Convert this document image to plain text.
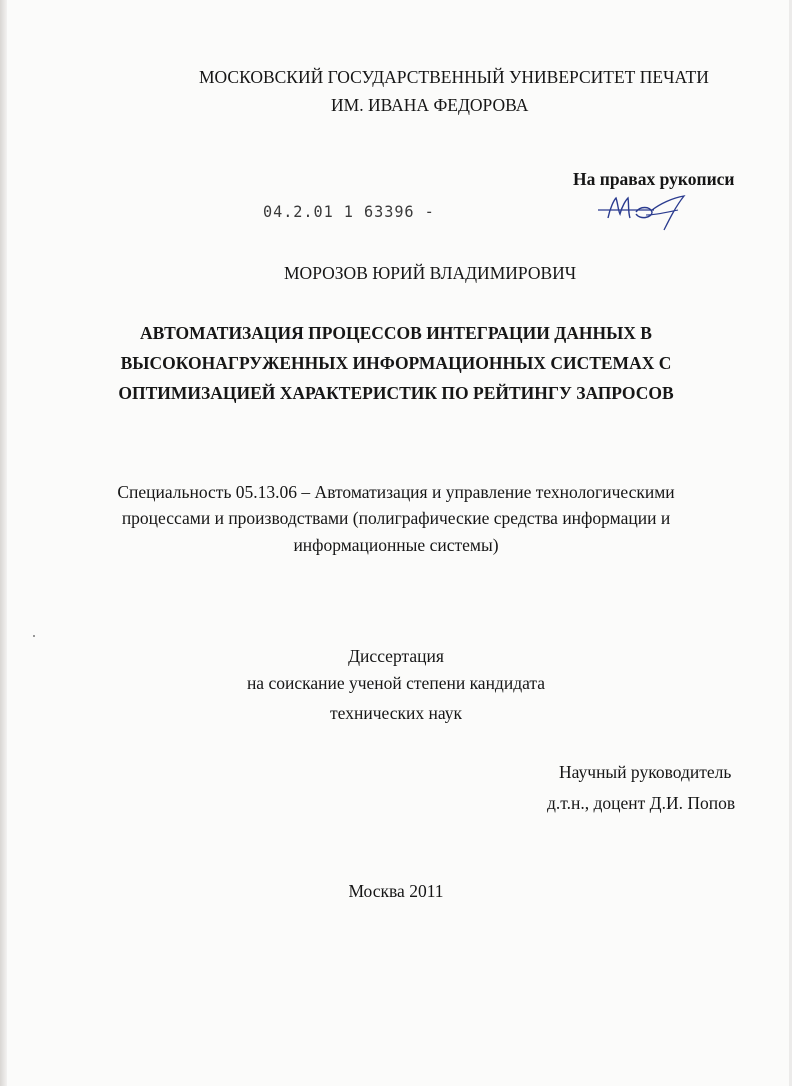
МОСКОВСКИЙ ГОСУДАРСТВЕННЫЙ УНИВЕРСИТЕТ ПЕЧАТИ
ИМ. ИВАНА ФЕДОРОВА
На правах рукописи
04.2.01 1 63396 -
МОРОЗОВ ЮРИЙ ВЛАДИМИРОВИЧ
АВТОМАТИЗАЦИЯ ПРОЦЕССОВ ИНТЕГРАЦИИ ДАННЫХ В
ВЫСОКОНАГРУЖЕННЫХ ИНФОРМАЦИОННЫХ СИСТЕМАХ С
ОПТИМИЗАЦИЕЙ ХАРАКТЕРИСТИК ПО РЕЙТИНГУ ЗАПРОСОВ
Специальность 05.13.06 – Автоматизация и управление технологическими
процессами и производствами (полиграфические средства информации и
информационные системы)
Диссертация
на соискание ученой степени кандидата
технических наук
Научный руководитель
д.т.н., доцент Д.И. Попов
Москва 2011
